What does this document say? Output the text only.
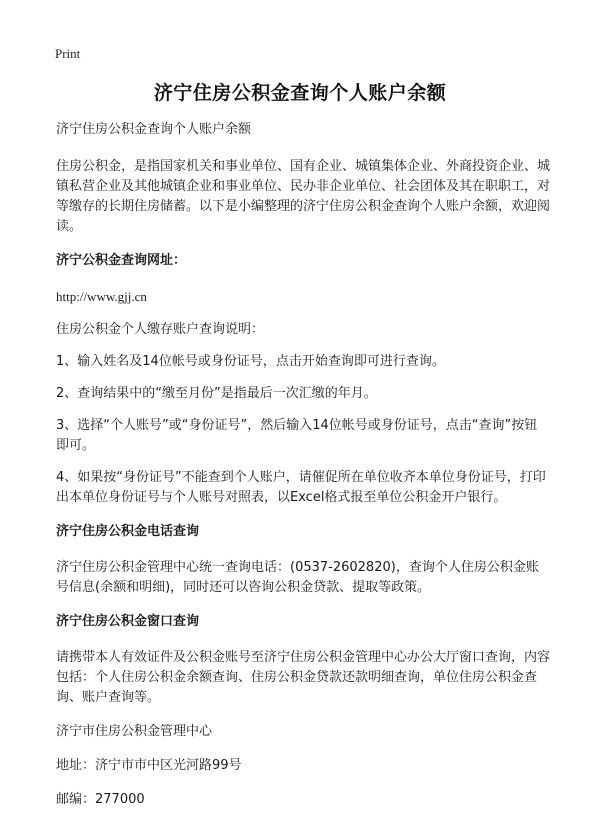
Print
济宁住房公积金查询个人账户余额

济宁住房公积金查询个人账户余额

住房公积金，是指国家机关和事业单位、国有企业、城镇集体企业、外商投资企业、城镇私营企业及其他城镇企业和事业单位、民办非企业单位、社会团体及其在职职工，对等缴存的长期住房储蓄。以下是小编整理的济宁住房公积金查询个人账户余额，欢迎阅读。

济宁公积金查询网址：

http://www.gjj.cn

住房公积金个人缴存账户查询说明：

1、输入姓名及14位帐号或身份证号，点击开始查询即可进行查询。

2、查询结果中的“缴至月份”是指最后一次汇缴的年月。

3、选择“个人账号”或“身份证号”，然后输入14位帐号或身份证号，点击“查询”按钮即可。

4、如果按“身份证号”不能查到个人账户，请催促所在单位收齐本单位身份证号，打印出本单位身份证号与个人账号对照表，以Excel格式报至单位公积金开户银行。

济宁住房公积金电话查询

济宁住房公积金管理中心统一查询电话：(0537-2602820)，查询个人住房公积金账号信息(余额和明细)，同时还可以咨询公积金贷款、提取等政策。

济宁住房公积金窗口查询

请携带本人有效证件及公积金账号至济宁住房公积金管理中心办公大厅窗口查询，内容包括：个人住房公积金余额查询、住房公积金贷款还款明细查询，单位住房公积金查询、账户查询等。

济宁市住房公积金管理中心

地址：济宁市市中区光河路99号

邮编：277000
